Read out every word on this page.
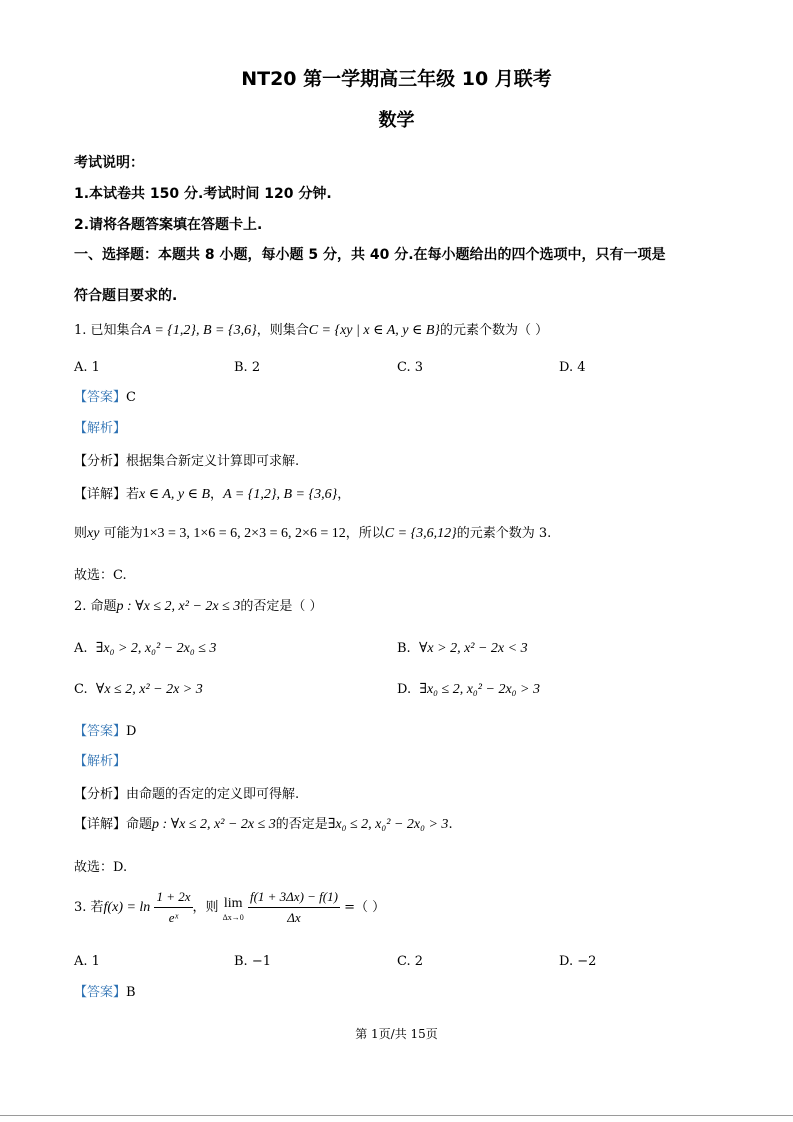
NT20 第一学期高三年级 10 月联考
数学
考试说明：
1.本试卷共 150 分.考试时间 120 分钟.
2.请将各题答案填在答题卡上.
一、选择题：本题共 8 小题，每小题 5 分，共 40 分.在每小题给出的四个选项中，只有一项是
符合题目要求的.
1. 已知集合A = {1,2}, B = {3,6}，则集合C = {xy | x ∈ A, y ∈ B}的元素个数为（ ）
A. 1	B. 2	C. 3	D. 4
【答案】C
【解析】
【分析】根据集合新定义计算即可求解.
【详解】若x ∈ A, y ∈ B，A = {1,2}, B = {3,6}，
则xy 可能为1×3 = 3, 1×6 = 6, 2×3 = 6, 2×6 = 12，所以C = {3,6,12}的元素个数为 3.
故选：C.
2. 命题p : ∀x ≤ 2, x² − 2x ≤ 3的否定是（ ）
A. ∃x₀ > 2, x₀² − 2x₀ ≤ 3	B. ∀x > 2, x² − 2x < 3
C. ∀x ≤ 2, x² − 2x > 3	D. ∃x₀ ≤ 2, x₀² − 2x₀ > 3
【答案】D
【解析】
【分析】由命题的否定的定义即可得解.
【详解】命题p : ∀x ≤ 2, x² − 2x ≤ 3的否定是∃x₀ ≤ 2, x₀² − 2x₀ > 3.
故选：D.
3. 若$f(x) = \ln \frac{1 + 2x}{\text{eˣ}}$ ，则 lim
Δx→0
$\frac{f(1 + 3\Delta x) - f(1)}{\Delta x}$ =（ ）
A. 1	B. −1	C. 2	D. −2
【答案】B
第 1页/共 15页
